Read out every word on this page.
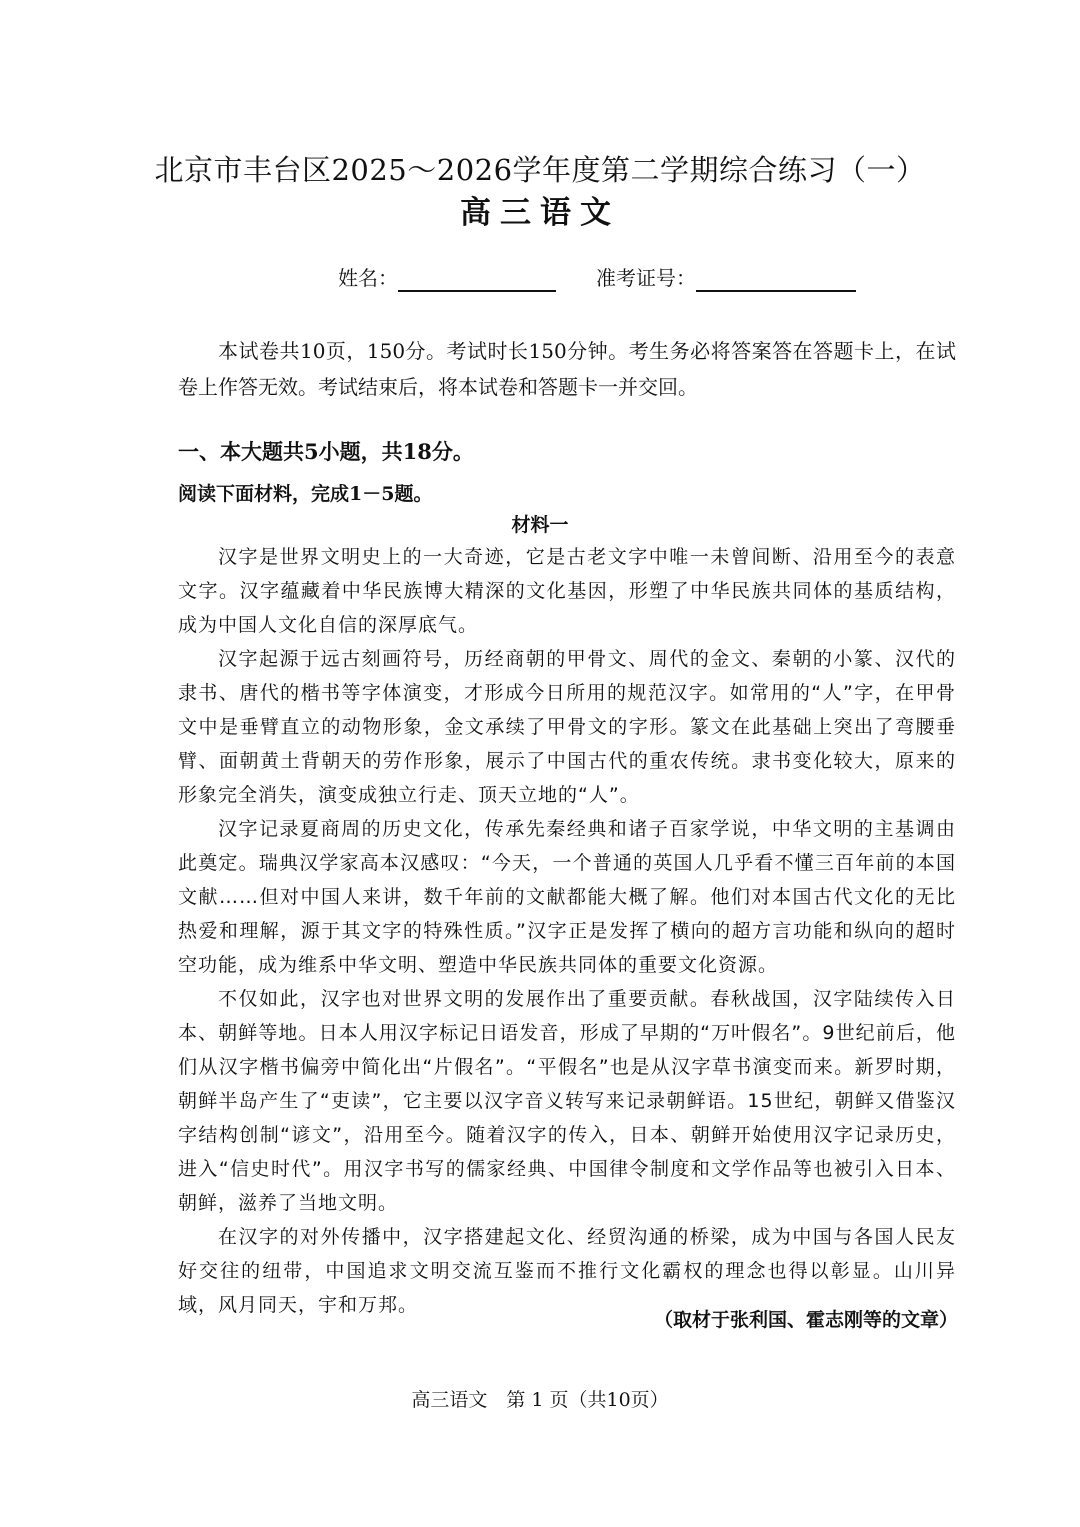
北京市丰台区2025～2026学年度第二学期综合练习（一）
高三语文
姓名：	准考证号：

本试卷共10页，150分。考试时长150分钟。考生务必将答案答在答题卡上，在试卷上作答无效。考试结束后，将本试卷和答题卡一并交回。

一、本大题共5小题，共18分。

阅读下面材料，完成1－5题。

材料一

汉字是世界文明史上的一大奇迹，它是古老文字中唯一未曾间断、沿用至今的表意文字。汉字蕴藏着中华民族博大精深的文化基因，形塑了中华民族共同体的基质结构，成为中国人文化自信的深厚底气。

汉字起源于远古刻画符号，历经商朝的甲骨文、周代的金文、秦朝的小篆、汉代的隶书、唐代的楷书等字体演变，才形成今日所用的规范汉字。如常用的“人”字，在甲骨文中是垂臂直立的动物形象，金文承续了甲骨文的字形。篆文在此基础上突出了弯腰垂臂、面朝黄土背朝天的劳作形象，展示了中国古代的重农传统。隶书变化较大，原来的形象完全消失，演变成独立行走、顶天立地的“人”。

汉字记录夏商周的历史文化，传承先秦经典和诸子百家学说，中华文明的主基调由此奠定。瑞典汉学家高本汉感叹：“今天，一个普通的英国人几乎看不懂三百年前的本国文献……但对中国人来讲，数千年前的文献都能大概了解。他们对本国古代文化的无比热爱和理解，源于其文字的特殊性质。”汉字正是发挥了横向的超方言功能和纵向的超时空功能，成为维系中华文明、塑造中华民族共同体的重要文化资源。

不仅如此，汉字也对世界文明的发展作出了重要贡献。春秋战国，汉字陆续传入日本、朝鲜等地。日本人用汉字标记日语发音，形成了早期的“万叶假名”。9世纪前后，他们从汉字楷书偏旁中简化出“片假名”。“平假名”也是从汉字草书演变而来。新罗时期，朝鲜半岛产生了“吏读”，它主要以汉字音义转写来记录朝鲜语。15世纪，朝鲜又借鉴汉字结构创制“谚文”，沿用至今。随着汉字的传入，日本、朝鲜开始使用汉字记录历史，进入“信史时代”。用汉字书写的儒家经典、中国律令制度和文学作品等也被引入日本、朝鲜，滋养了当地文明。

在汉字的对外传播中，汉字搭建起文化、经贸沟通的桥梁，成为中国与各国人民友好交往的纽带，中国追求文明交流互鉴而不推行文化霸权的理念也得以彰显。山川异域，风月同天，宇和万邦。

（取材于张利国、霍志刚等的文章）

高三语文　第 1 页（共10页）
